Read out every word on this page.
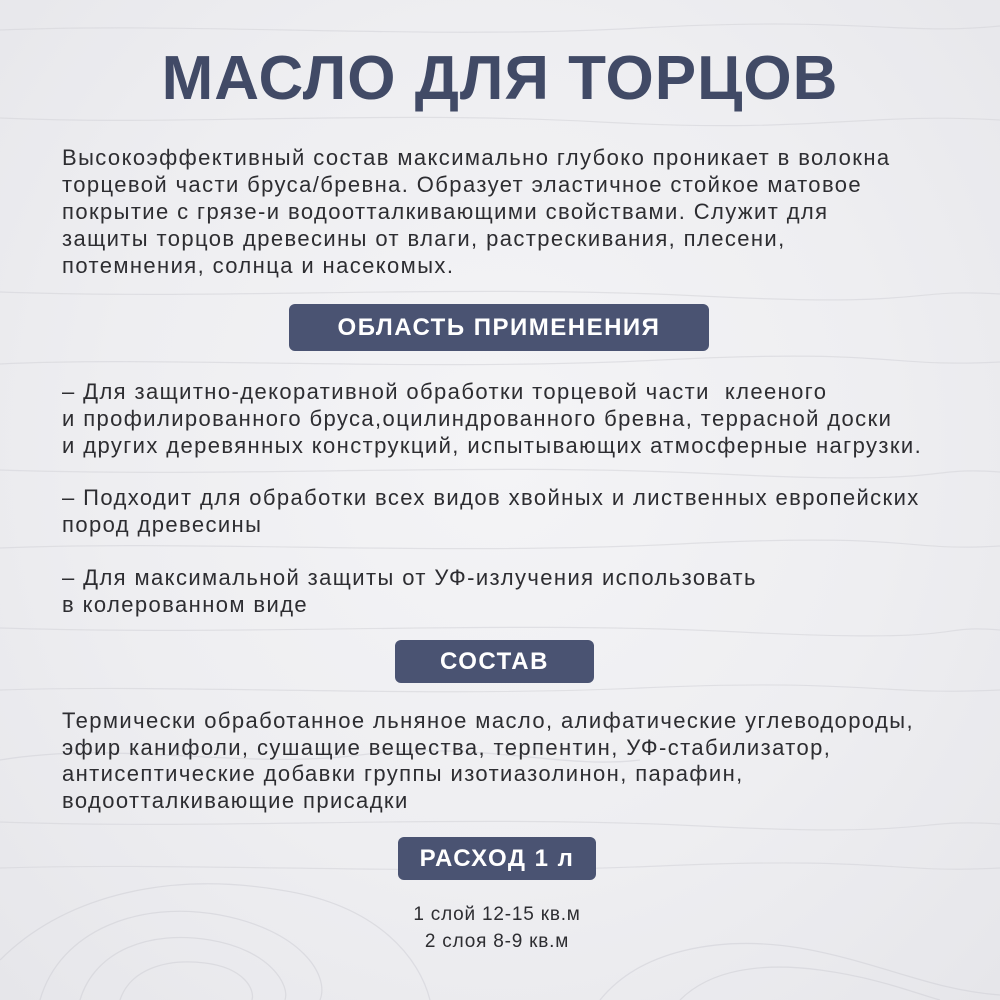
МАСЛО ДЛЯ ТОРЦОВ
Высокоэффективный состав максимально глубоко проникает в волокна
торцевой части бруса/бревна. Образует эластичное стойкое матовое
покрытие с грязе-и водоотталкивающими свойствами. Служит для
защиты торцов древесины от влаги, растрескивания, плесени,
потемнения, солнца и насекомых.
ОБЛАСТЬ ПРИМЕНЕНИЯ
– Для защитно-декоративной обработки торцевой части  клееного
и профилированного бруса,оцилиндрованного бревна, террасной доски
и других деревянных конструкций, испытывающих атмосферные нагрузки.
– Подходит для обработки всех видов хвойных и лиственных европейских
пород древесины
– Для максимальной защиты от УФ-излучения использовать
в колерованном виде
СОСТАВ
Термически обработанное льняное масло, алифатические углеводороды,
эфир канифоли, сушащие вещества, терпентин, УФ-стабилизатор,
антисептические добавки группы изотиазолинон, парафин,
водоотталкивающие присадки
РАСХОД 1 л
1 слой 12-15 кв.м
2 слоя 8-9 кв.м
